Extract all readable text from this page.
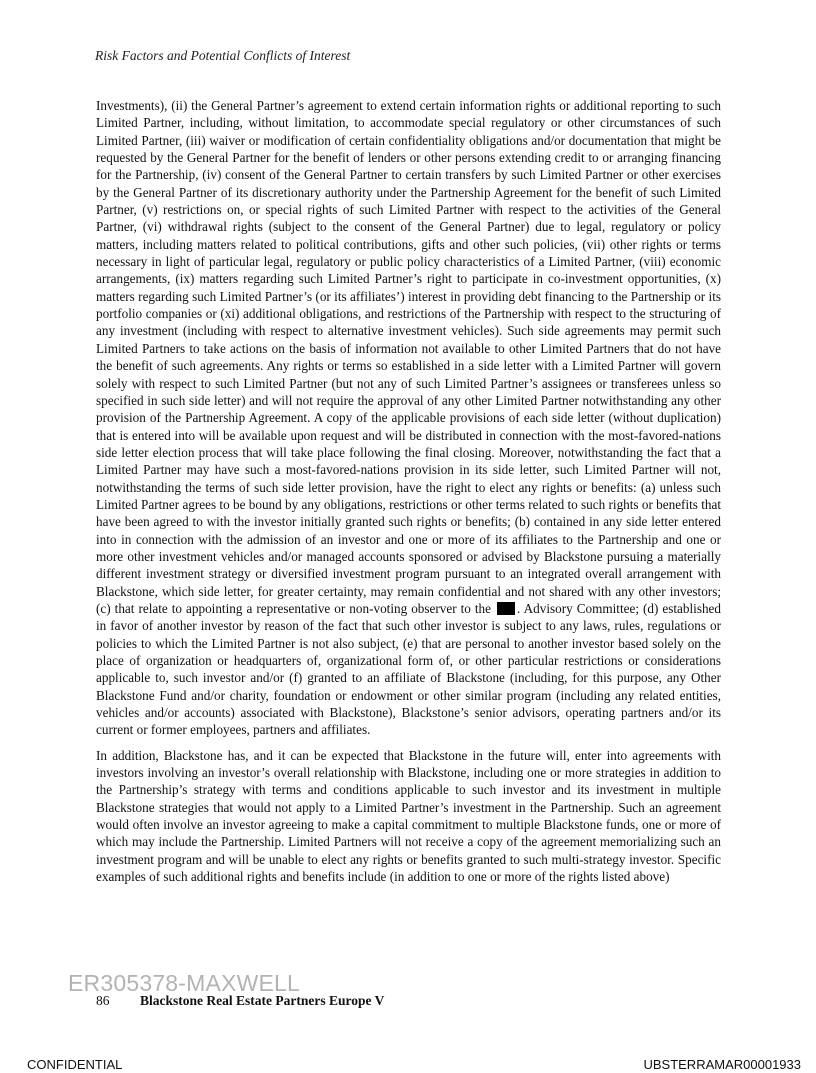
Risk Factors and Potential Conflicts of Interest

Investments), (ii) the General Partner’s agreement to extend certain information rights or additional reporting to such Limited Partner, including, without limitation, to accommodate special regulatory or other circumstances of such Limited Partner, (iii) waiver or modification of certain confidentiality obligations and/or documentation that might be requested by the General Partner for the benefit of lenders or other persons extending credit to or arranging financing for the Partnership, (iv) consent of the General Partner to certain transfers by such Limited Partner or other exercises by the General Partner of its discretionary authority under the Partnership Agreement for the benefit of such Limited Partner, (v) restrictions on, or special rights of such Limited Partner with respect to the activities of the General Partner, (vi) withdrawal rights (subject to the consent of the General Partner) due to legal, regulatory or policy matters, including matters related to political contributions, gifts and other such policies, (vii) other rights or terms necessary in light of particular legal, regulatory or public policy characteristics of a Limited Partner, (viii) economic arrangements, (ix) matters regarding such Limited Partner’s right to participate in co-investment opportunities, (x) matters regarding such Limited Partner’s (or its affiliates’) interest in providing debt financing to the Partnership or its portfolio companies or (xi) additional obligations, and restrictions of the Partnership with respect to the structuring of any investment (including with respect to alternative investment vehicles). Such side agreements may permit such Limited Partners to take actions on the basis of information not available to other Limited Partners that do not have the benefit of such agreements. Any rights or terms so established in a side letter with a Limited Partner will govern solely with respect to such Limited Partner (but not any of such Limited Partner’s assignees or transferees unless so specified in such side letter) and will not require the approval of any other Limited Partner notwithstanding any other provision of the Partnership Agreement. A copy of the applicable provisions of each side letter (without duplication) that is entered into will be available upon request and will be distributed in connection with the most-favored-nations side letter election process that will take place following the final closing. Moreover, notwithstanding the fact that a Limited Partner may have such a most-favored-nations provision in its side letter, such Limited Partner will not, notwithstanding the terms of such side letter provision, have the right to elect any rights or benefits: (a) unless such Limited Partner agrees to be bound by any obligations, restrictions or other terms related to such rights or benefits that have been agreed to with the investor initially granted such rights or benefits; (b) contained in any side letter entered into in connection with the admission of an investor and one or more of its affiliates to the Partnership and one or more other investment vehicles and/or managed accounts sponsored or advised by Blackstone pursuing a materially different investment strategy or diversified investment program pursuant to an integrated overall arrangement with Blackstone, which side letter, for greater certainty, may remain confidential and not shared with any other investors; (c) that relate to appointing a representative or non-voting observer to the . Advisory Committee; (d) established in favor of another investor by reason of the fact that such other investor is subject to any laws, rules, regulations or policies to which the Limited Partner is not also subject, (e) that are personal to another investor based solely on the place of organization or headquarters of, organizational form of, or other particular restrictions or considerations applicable to, such investor and/or (f) granted to an affiliate of Blackstone (including, for this purpose, any Other Blackstone Fund and/or charity, foundation or endowment or other similar program (including any related entities, vehicles and/or accounts) associated with Blackstone), Blackstone’s senior advisors, operating partners and/or its current or former employees, partners and affiliates.

In addition, Blackstone has, and it can be expected that Blackstone in the future will, enter into agreements with investors involving an investor’s overall relationship with Blackstone, including one or more strategies in addition to the Partnership’s strategy with terms and conditions applicable to such investor and its investment in multiple Blackstone strategies that would not apply to a Limited Partner’s investment in the Partnership. Such an agreement would often involve an investor agreeing to make a capital commitment to multiple Blackstone funds, one or more of which may include the Partnership. Limited Partners will not receive a copy of the agreement memorializing such an investment program and will be unable to elect any rights or benefits granted to such multi-strategy investor. Specific examples of such additional rights and benefits include (in addition to one or more of the rights listed above)

ER305378-MAXWELL
86 Blackstone Real Estate Partners Europe V
CONFIDENTIAL	UBSTERRAMAR00001933
